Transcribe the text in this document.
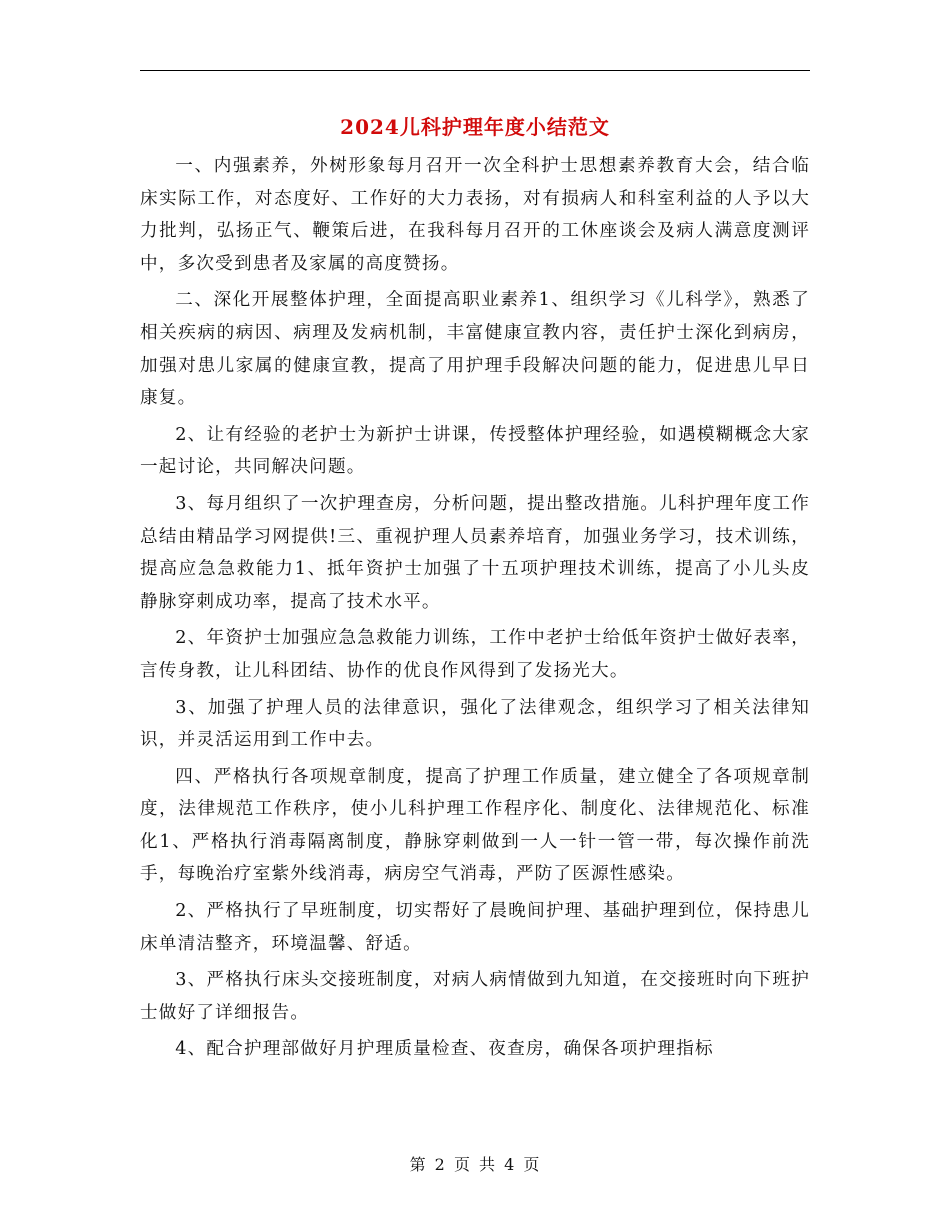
2024儿科护理年度小结范文

一、内强素养，外树形象每月召开一次全科护士思想素养教育大会，结合临床实际工作，对态度好、工作好的大力表扬，对有损病人和科室利益的人予以大力批判，弘扬正气、鞭策后进，在我科每月召开的工休座谈会及病人满意度测评中，多次受到患者及家属的高度赞扬。

二、深化开展整体护理，全面提高职业素养1、组织学习《儿科学》，熟悉了相关疾病的病因、病理及发病机制，丰富健康宣教内容，责任护士深化到病房，加强对患儿家属的健康宣教，提高了用护理手段解决问题的能力，促进患儿早日康复。

2、让有经验的老护士为新护士讲课，传授整体护理经验，如遇模糊概念大家一起讨论，共同解决问题。

3、每月组织了一次护理查房，分析问题，提出整改措施。儿科护理年度工作总结由精品学习网提供!三、重视护理人员素养培育，加强业务学习，技术训练，提高应急急救能力1、抵年资护士加强了十五项护理技术训练，提高了小儿头皮静脉穿刺成功率，提高了技术水平。

2、年资护士加强应急急救能力训练，工作中老护士给低年资护士做好表率，言传身教，让儿科团结、协作的优良作风得到了发扬光大。

3、加强了护理人员的法律意识，强化了法律观念，组织学习了相关法律知识，并灵活运用到工作中去。

四、严格执行各项规章制度，提高了护理工作质量，建立健全了各项规章制度，法律规范工作秩序，使小儿科护理工作程序化、制度化、法律规范化、标准化1、严格执行消毒隔离制度，静脉穿刺做到一人一针一管一带，每次操作前洗手，每晚治疗室紫外线消毒，病房空气消毒，严防了医源性感染。

2、严格执行了早班制度，切实帮好了晨晚间护理、基础护理到位，保持患儿床单清洁整齐，环境温馨、舒适。

3、严格执行床头交接班制度，对病人病情做到九知道，在交接班时向下班护士做好了详细报告。

4、配合护理部做好月护理质量检查、夜查房，确保各项护理指标

第 2 页 共 4 页
